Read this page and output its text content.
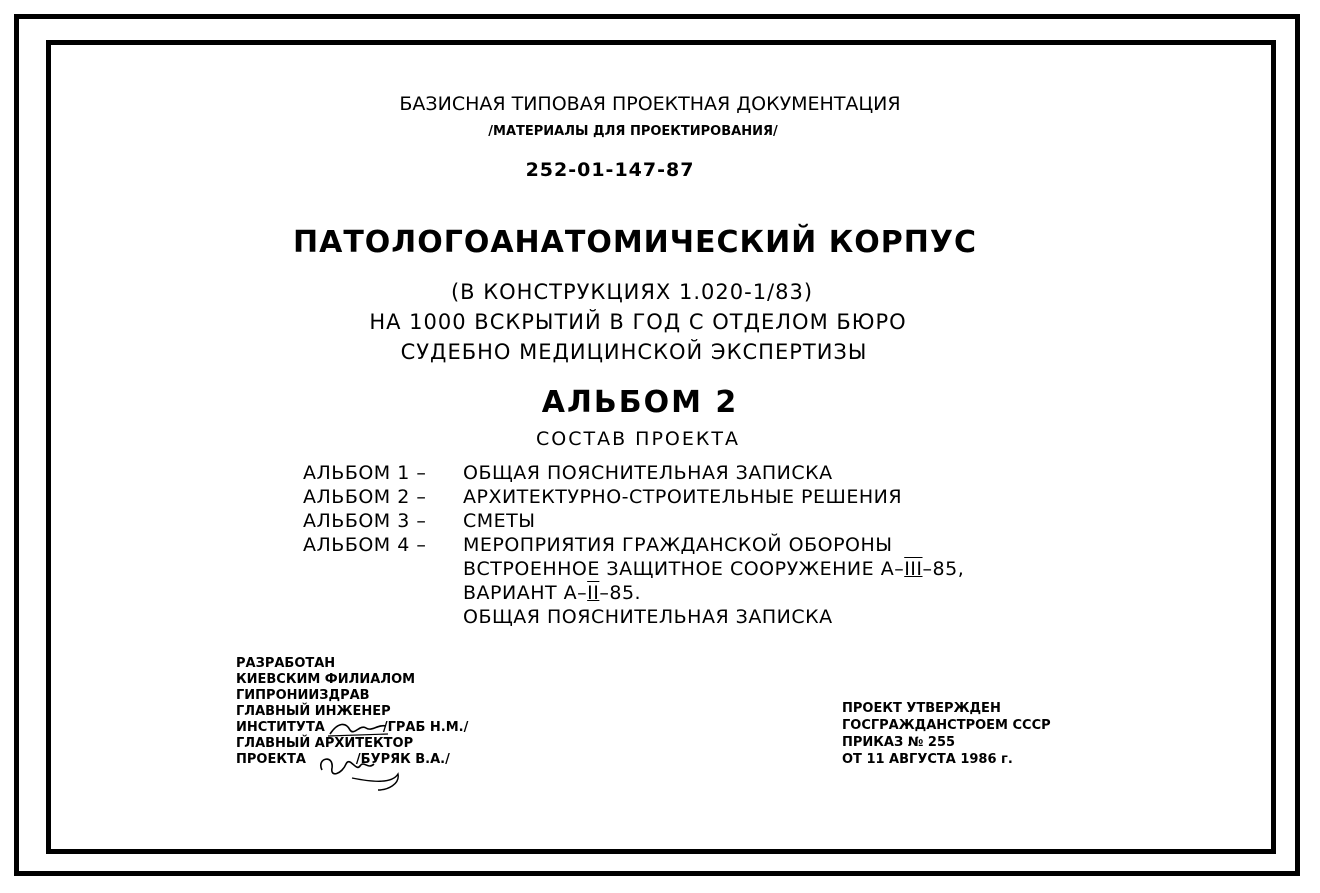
БАЗИСНАЯ ТИПОВАЯ ПРОЕКТНАЯ ДОКУМЕНТАЦИЯ
/МАТЕРИАЛЫ ДЛЯ ПРОЕКТИРОВАНИЯ/
252-01-147-87
ПАТОЛОГОАНАТОМИЧЕСКИЙ КОРПУС
(В КОНСТРУКЦИЯХ 1.020-1/83)
НА 1000 ВСКРЫТИЙ В ГОД С ОТДЕЛОМ БЮРО
СУДЕБНО МЕДИЦИНСКОЙ ЭКСПЕРТИЗЫ
АЛЬБОМ 2
СОСТАВ ПРОЕКТА
АЛЬБОМ 1 – ОБЩАЯ ПОЯСНИТЕЛЬНАЯ ЗАПИСКА
АЛЬБОМ 2 – АРХИТЕКТУРНО-СТРОИТЕЛЬНЫЕ РЕШЕНИЯ
АЛЬБОМ 3 – СМЕТЫ
АЛЬБОМ 4 – МЕРОПРИЯТИЯ ГРАЖДАНСКОЙ ОБОРОНЫ
ВСТРОЕННОЕ ЗАЩИТНОЕ СООРУЖЕНИЕ А–III–85,
ВАРИАНТ А–II–85.
ОБЩАЯ ПОЯСНИТЕЛЬНАЯ ЗАПИСКА
РАЗРАБОТАН
КИЕВСКИМ ФИЛИАЛОМ
ГИПРОНИИЗДРАВ
ГЛАВНЫЙ ИНЖЕНЕР
ИНСТИТУТА	/ГРАБ Н.М./
ГЛАВНЫЙ АРХИТЕКТОР
ПРОЕКТА	/БУРЯК В.А./
ПРОЕКТ УТВЕРЖДЕН
ГОСГРАЖДАНСТРОЕМ СССР
ПРИКАЗ № 255
ОТ 11 АВГУСТА 1986 г.
